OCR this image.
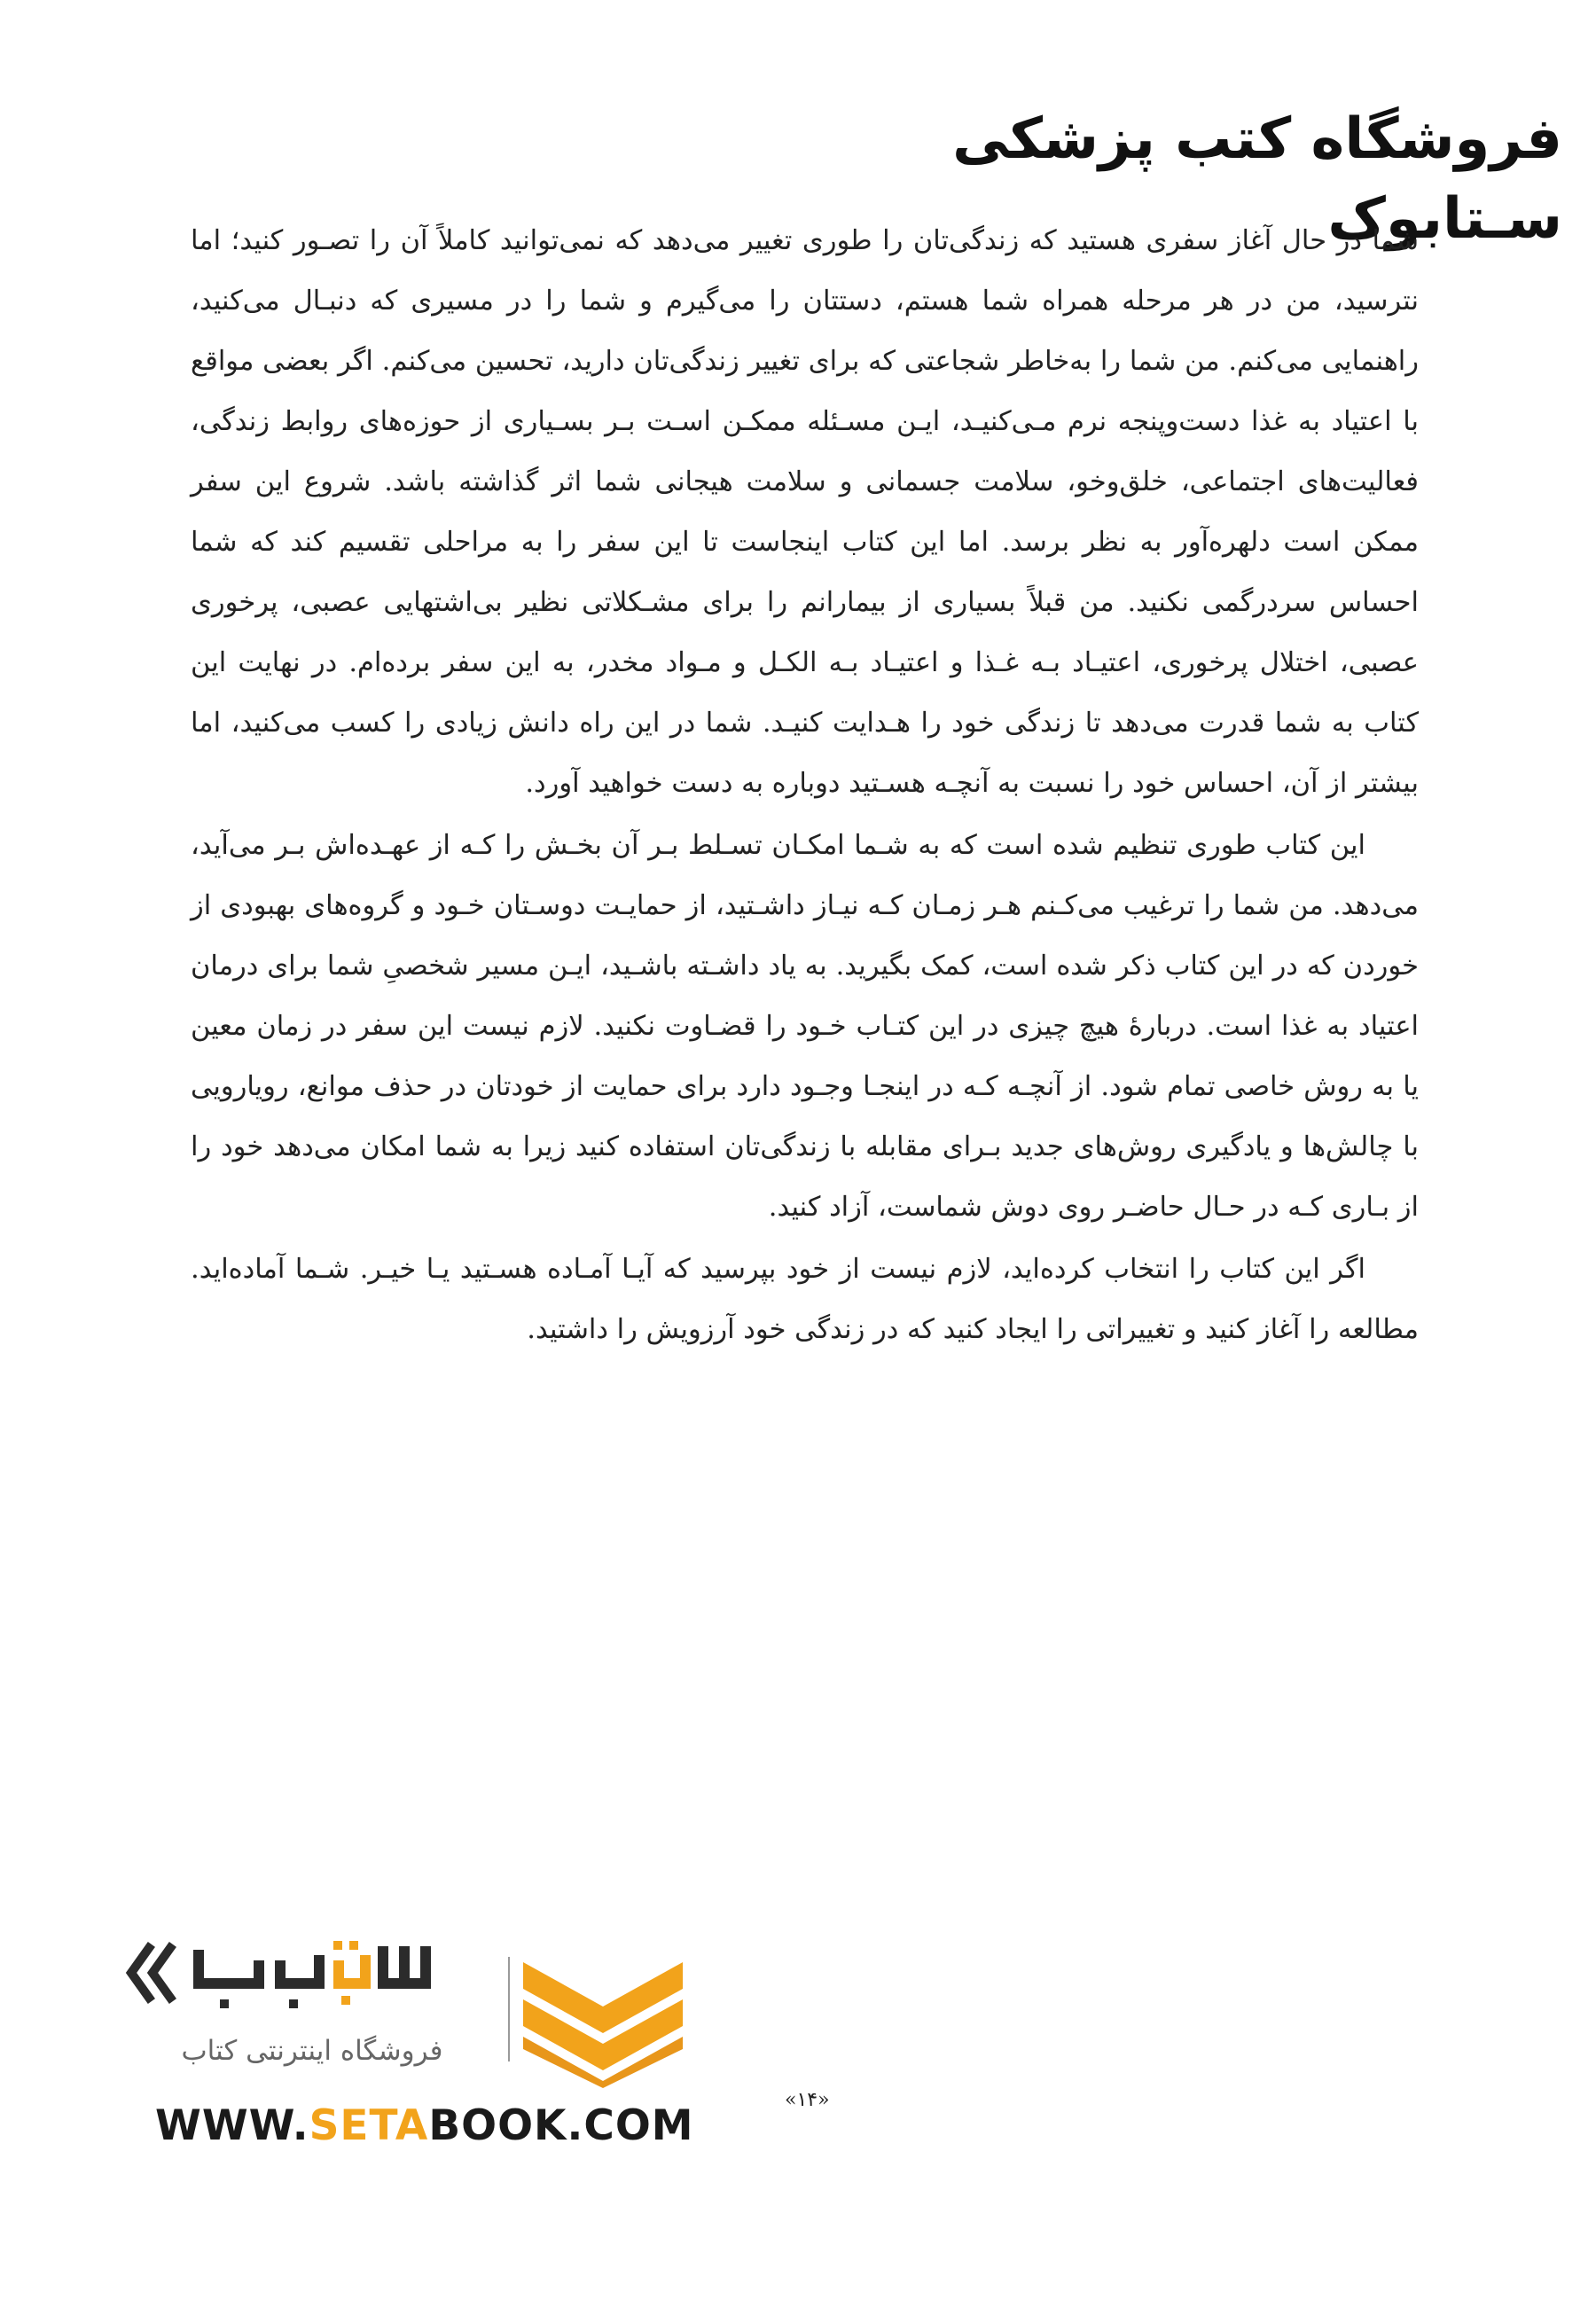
فروشگاه کتب پزشکی سـتابوک

شما در حال آغاز سفری هستید که زندگی‌تان را طوری تغییر می‌دهد که نمی‌توانید کاملاً آن را تصـور کنید؛ اما نترسید، من در هر مرحله همراه شما هستم، دستتان را می‌گیرم و شما را در مسیری که دنبـال می‌کنید، راهنمایی می‌کنم. من شما را به‌خاطر شجاعتی که برای تغییر زندگی‌تان دارید، تحسین می‌کنم. اگر بعضی مواقع با اعتیاد به غذا دست‌وپنجه نرم مـی‌کنیـد، ایـن مسـئله ممکـن اسـت بـر بسـیاری از حوزه‌های روابط زندگی، فعالیت‌های اجتماعی، خلق‌وخو، سلامت جسمانی و سلامت هیجانی شما اثر گذاشته باشد. شروع این سفر ممکن است دلهره‌آور به نظر برسد. اما این کتاب اینجاست تا این سفر را به مراحلی تقسیم کند که شما احساس سردرگمی نکنید. من قبلاً بسیاری از بیمارانم را برای مشـکلاتی نظیر بی‌اشتهایی عصبی، پرخوری عصبی، اختلال پرخوری، اعتیـاد بـه غـذا و اعتیـاد بـه الکـل و مـواد مخدر، به این سفر برده‌ام. در نهایت این کتاب به شما قدرت می‌دهد تا زندگی خود را هـدایت کنیـد. شما در این راه دانش زیادی را کسب می‌کنید، اما بیشتر از آن، احساس خود را نسبت به آنچـه هسـتید دوباره به دست خواهید آورد.

این کتاب طوری تنظیم شده است که به شـما امکـان تسـلط بـر آن بخـش را کـه از عهـده‌اش بـر می‌آید، می‌دهد. من شما را ترغیب می‌کـنم هـر زمـان کـه نیـاز داشـتید، از حمایـت دوسـتان خـود و گروه‌های بهبودی از خوردن که در این کتاب ذکر شده است، کمک بگیرید. به یاد داشـته باشـید، ایـن مسیر شخصیِ شما برای درمان اعتیاد به غذا است. دربارۀ هیچ چیزی در این کتـاب خـود را قضـاوت نکنید. لازم نیست این سفر در زمان معین یا به روش خاصی تمام شود. از آنچـه کـه در اینجـا وجـود دارد برای حمایت از خودتان در حذف موانع، رویارویی با چالش‌ها و یادگیری روش‌های جدید بـرای مقابله با زندگی‌تان استفاده کنید زیرا به شما امکان می‌دهد خود را از بـاری کـه در حـال حاضـر روی دوش شماست، آزاد کنید.

اگر این کتاب را انتخاب کرده‌اید، لازم نیست از خود بپرسید که آیـا آمـاده هسـتید یـا خیـر. شـما آماده‌اید. مطالعه را آغاز کنید و تغییراتی را ایجاد کنید که در زندگی خود آرزویش را داشتید.

فروشگاه اینترنتی کتاب
WWW.SETABOOK.COM
«۱۴»
